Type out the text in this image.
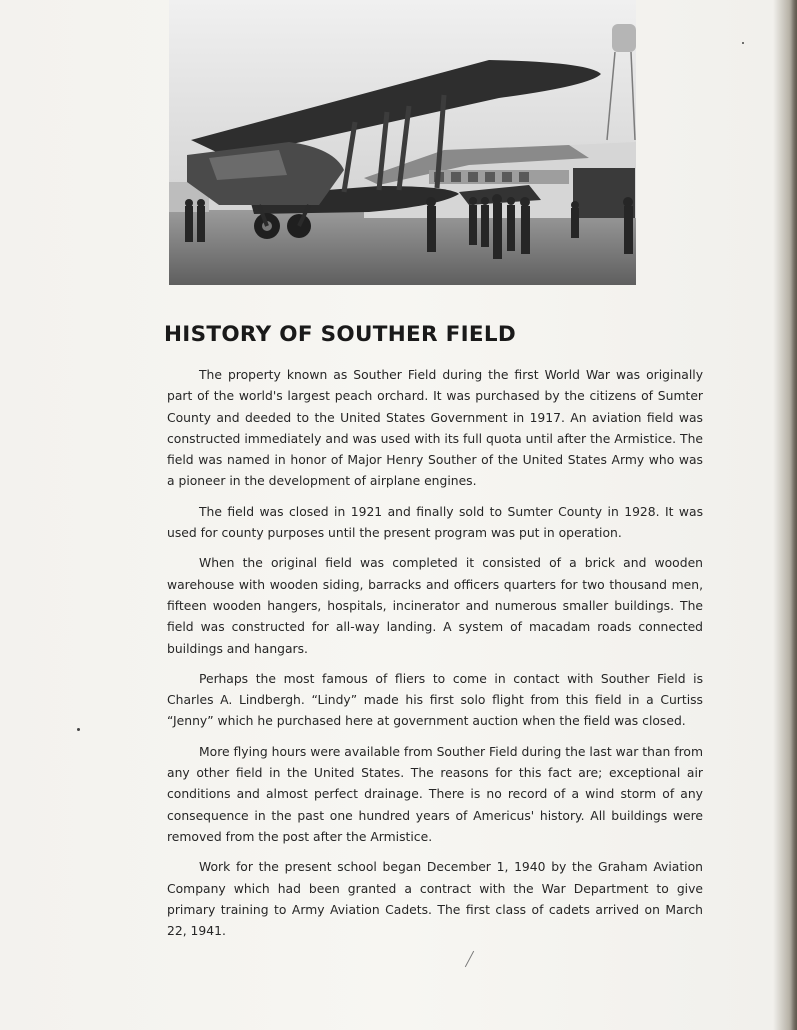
HISTORY OF SOUTHER FIELD

The property known as Souther Field during the first World War was originally part of the world's largest peach orchard. It was purchased by the citizens of Sumter County and deeded to the United States Government in 1917. An aviation field was constructed immediately and was used with its full quota until after the Armistice. The field was named in honor of Major Henry Souther of the United States Army who was a pioneer in the development of airplane engines.

The field was closed in 1921 and finally sold to Sumter County in 1928. It was used for county purposes until the present program was put in operation.

When the original field was completed it consisted of a brick and wooden warehouse with wooden siding, barracks and officers quarters for two thousand men, fifteen wooden hangers, hospitals, incinerator and numerous smaller buildings. The field was constructed for all-way landing. A system of macadam roads connected buildings and hangars.

Perhaps the most famous of fliers to come in contact with Souther Field is Charles A. Lindbergh. “Lindy” made his first solo flight from this field in a Curtiss “Jenny” which he purchased here at government auction when the field was closed.

More flying hours were available from Souther Field during the last war than from any other field in the United States. The reasons for this fact are; exceptional air conditions and almost perfect drainage. There is no record of a wind storm of any consequence in the past one hundred years of Americus' history. All buildings were removed from the post after the Armistice.

Work for the present school began December 1, 1940 by the Graham Aviation Company which had been granted a contract with the War Department to give primary training to Army Aviation Cadets. The first class of cadets arrived on March 22, 1941.
